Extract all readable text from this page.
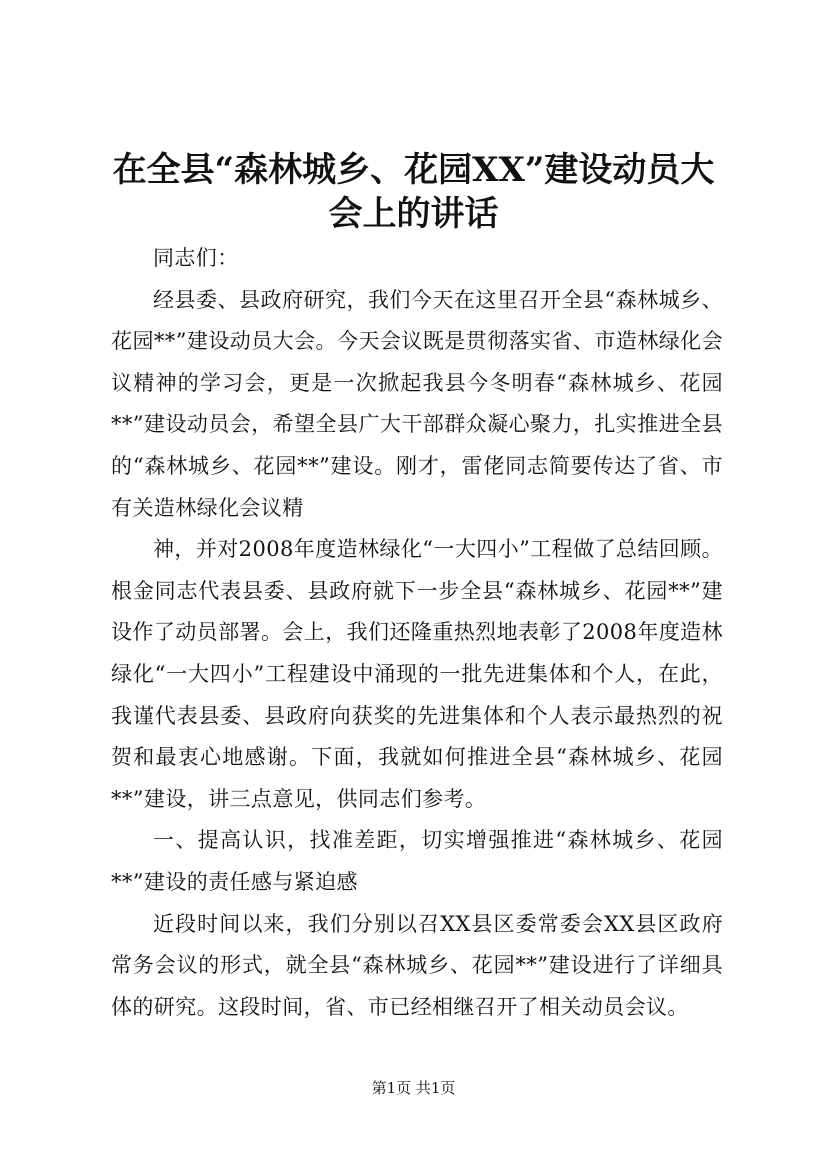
在全县“森林城乡、花园XX”建设动员大会上的讲话

同志们：

经县委、县政府研究，我们今天在这里召开全县“森林城乡、花园**”建设动员大会。今天会议既是贯彻落实省、市造林绿化会议精神的学习会，更是一次掀起我县今冬明春“森林城乡、花园**”建设动员会，希望全县广大干部群众凝心聚力，扎实推进全县的“森林城乡、花园**”建设。刚才，雷佬同志简要传达了省、市有关造林绿化会议精

神，并对2008年度造林绿化“一大四小”工程做了总结回顾。根金同志代表县委、县政府就下一步全县“森林城乡、花园**”建设作了动员部署。会上，我们还隆重热烈地表彰了2008年度造林绿化“一大四小”工程建设中涌现的一批先进集体和个人，在此，我谨代表县委、县政府向获奖的先进集体和个人表示最热烈的祝贺和最衷心地感谢。下面，我就如何推进全县“森林城乡、花园**”建设，讲三点意见，供同志们参考。

一、提高认识，找准差距，切实增强推进“森林城乡、花园**”建设的责任感与紧迫感

近段时间以来，我们分别以召XX县区委常委会XX县区政府常务会议的形式，就全县“森林城乡、花园**”建设进行了详细具体的研究。这段时间，省、市已经相继召开了相关动员会议。

第1页 共1页
